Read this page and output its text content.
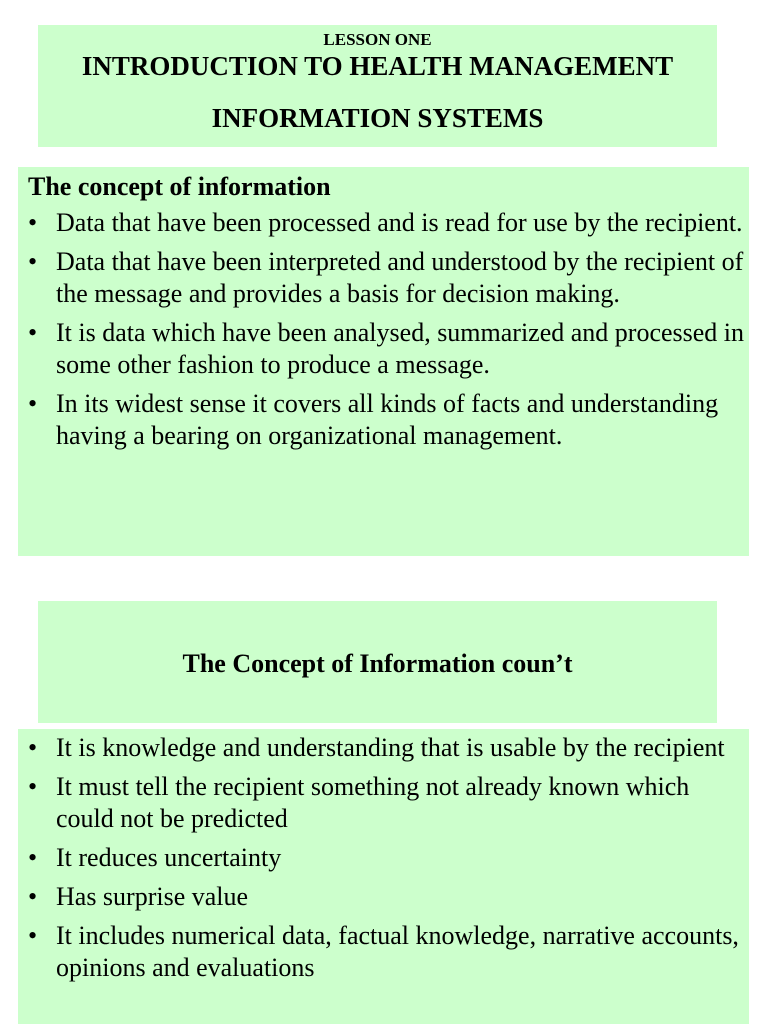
LESSON ONE
INTRODUCTION TO HEALTH MANAGEMENT
INFORMATION SYSTEMS
The concept of information
• Data that have been processed and is read for use by the recipient.
• Data that have been interpreted and understood by the recipient of the message and provides a basis for decision making.
• It is data which have been analysed, summarized and processed in some other fashion to produce a message.
• In its widest sense it covers all kinds of facts and understanding having a bearing on organizational management.
The Concept of Information coun’t
• It is knowledge and understanding that is usable by the recipient
• It must tell the recipient something not already known which could not be predicted
• It reduces uncertainty
• Has surprise value
• It includes numerical data, factual knowledge, narrative accounts, opinions and evaluations
